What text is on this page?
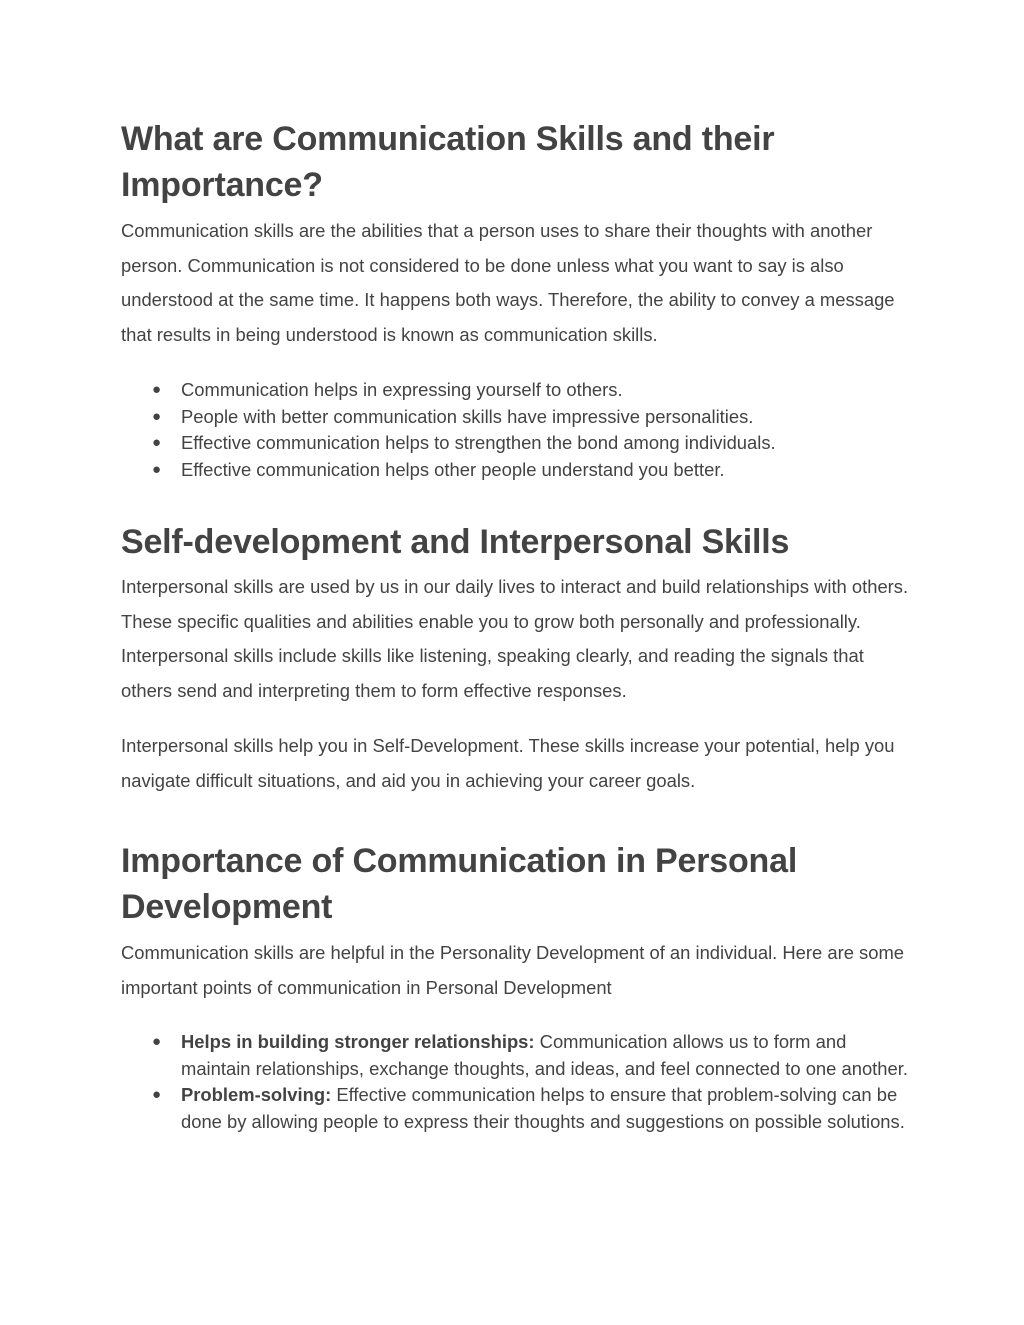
What are Communication Skills and their Importance?

Communication skills are the abilities that a person uses to share their thoughts with another person. Communication is not considered to be done unless what you want to say is also understood at the same time. It happens both ways. Therefore, the ability to convey a message that results in being understood is known as communication skills.

● Communication helps in expressing yourself to others.
● People with better communication skills have impressive personalities.
● Effective communication helps to strengthen the bond among individuals.
● Effective communication helps other people understand you better.
Self-development and Interpersonal Skills

Interpersonal skills are used by us in our daily lives to interact and build relationships with others. These specific qualities and abilities enable you to grow both personally and professionally. Interpersonal skills include skills like listening, speaking clearly, and reading the signals that others send and interpreting them to form effective responses.

Interpersonal skills help you in Self-Development. These skills increase your potential, help you navigate difficult situations, and aid you in achieving your career goals.

Importance of Communication in Personal Development

Communication skills are helpful in the Personality Development of an individual. Here are some important points of communication in Personal Development

● Helps in building stronger relationships: Communication allows us to form and maintain relationships, exchange thoughts, and ideas, and feel connected to one another.
● Problem-solving: Effective communication helps to ensure that problem-solving can be done by allowing people to express their thoughts and suggestions on possible solutions.
